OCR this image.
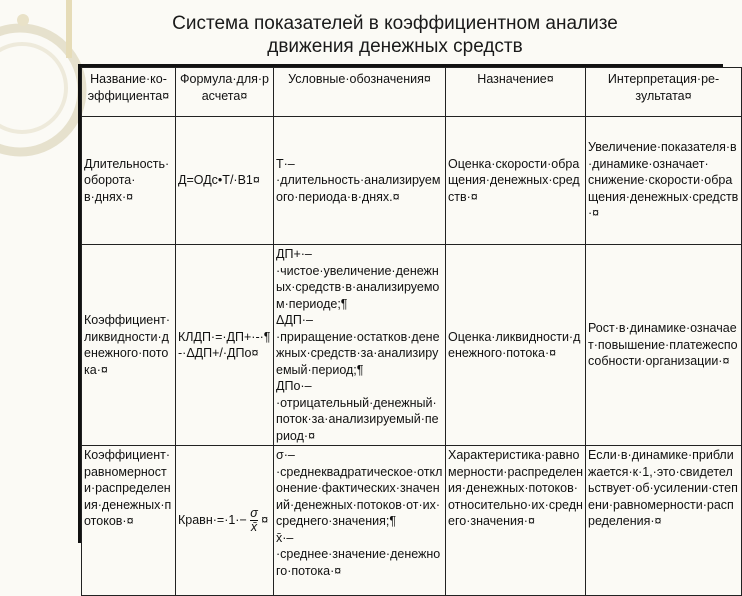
Система показателей в коэффициентном анализе
движения денежных средств
Название·ко-эффициента¤	Формула·для·расчета¤	Условные·обозначения¤	Назначение¤	Интерпретация·ре-зультата¤
Длительность·оборота· в·днях·¤	Д=ОДс•Т/·В1¤	T·–·длительность·анализируемого·периода·в·днях.¤	Оценка·скорости·обращения·денежных·средств·¤	Увеличение·показателя·в·динамике·означает· снижение·скорости·обращения·денежных·средств·¤
Коэффициент·ликвидности·денежного·потока·¤	КЛДП·=·ДП+·-·¶
-·ΔДП+/·ДПо¤	ДП+·–·чистое·увеличение·денежных·средств·в·анализируемом·периоде;¶
ΔДП·–·приращение·остатков·денежных·средств·за·анализируемый·период;¶
ДПо·–·отрицательный·денежный·поток·за·анализируемый·период·¤	Оценка·ликвидности·денежного·потока·¤	Рост·в·динамике·означает·повышение·платежеспособности·организации·¤
Коэффициент·равномерности·распределения·денежных·потоков·¤	Кравн·=·1·− $\frac{\sigma}{x̄}$ ¤	σ·–·среднеквадратическое·отклонение·фактических·значений·денежных·потоков·от·их·среднего·значения;¶
x̄·–·среднее·значение·денежного·потока·¤	Характеристика·равномерности·распределения·денежных·потоков·относительно·их·среднего·значения·¤	Если·в·динамике·приближается·к·1,·это·свидетельствует·об·усилении·степени·равномерности·распределения·¤
